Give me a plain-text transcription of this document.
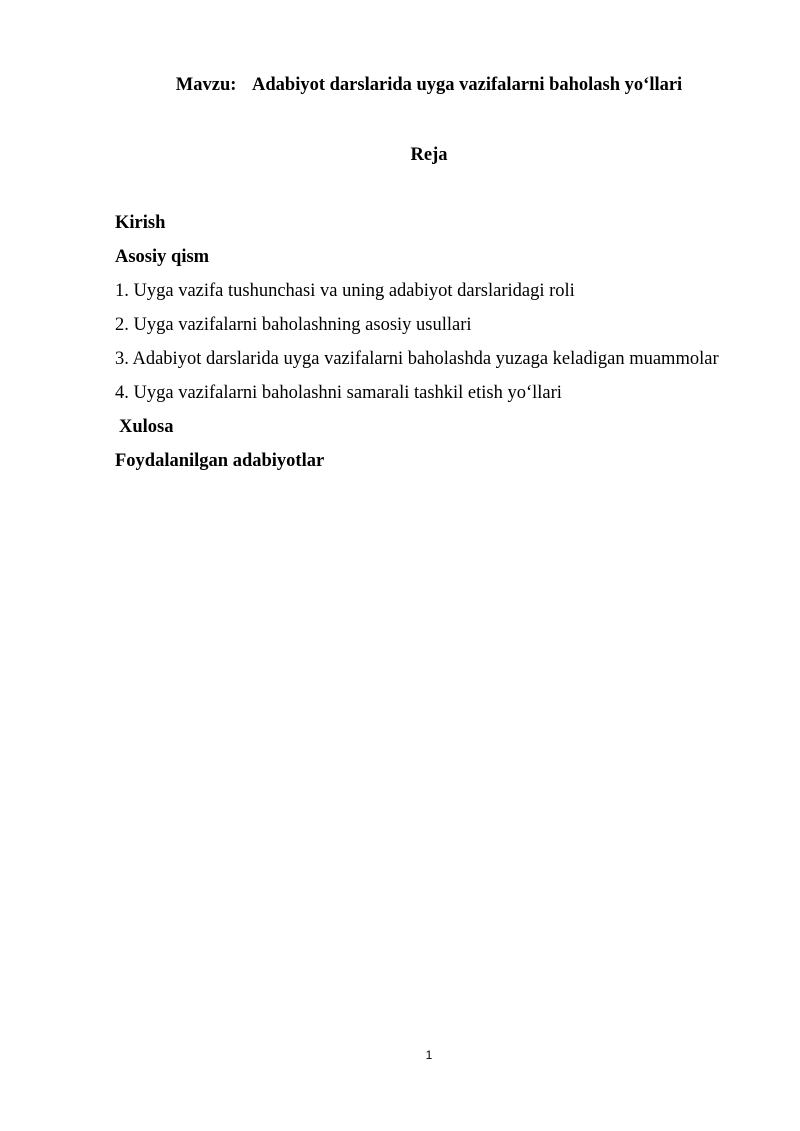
Mavzu: Adabiyot darslarida uyga vazifalarni baholash yo‘llari
Reja
Kirish
Asosiy qism
1. Uyga vazifa tushunchasi va uning adabiyot darslaridagi roli
2. Uyga vazifalarni baholashning asosiy usullari
3. Adabiyot darslarida uyga vazifalarni baholashda yuzaga keladigan muammolar
4. Uyga vazifalarni baholashni samarali tashkil etish yo‘llari
Xulosa
Foydalanilgan adabiyotlar
1
